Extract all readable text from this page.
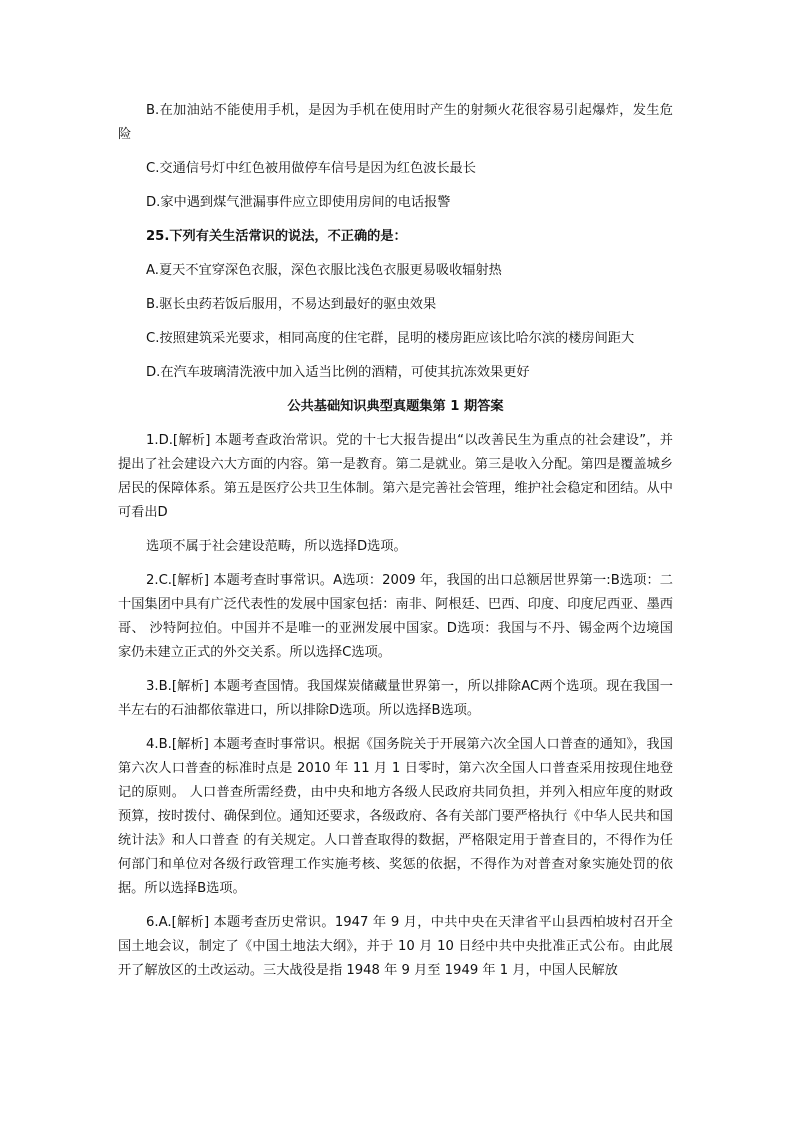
B.在加油站不能使用手机，是因为手机在使用时产生的射频火花很容易引起爆炸，发生危险

C.交通信号灯中红色被用做停车信号是因为红色波长最长

D.家中遇到煤气泄漏事件应立即使用房间的电话报警

25.下列有关生活常识的说法，不正确的是：

A.夏天不宜穿深色衣服，深色衣服比浅色衣服更易吸收辐射热

B.驱长虫药若饭后服用，不易达到最好的驱虫效果

C.按照建筑采光要求，相同高度的住宅群，昆明的楼房距应该比哈尔滨的楼房间距大

D.在汽车玻璃清洗液中加入适当比例的酒精，可使其抗冻效果更好

公共基础知识典型真题集第 1 期答案

1.D.[解析] 本题考查政治常识。党的十七大报告提出“以改善民生为重点的社会建设”，并提出了社会建设六大方面的内容。第一是教育。第二是就业。第三是收入分配。第四是覆盖城乡居民的保障体系。第五是医疗公共卫生体制。第六是完善社会管理，维护社会稳定和团结。从中可看出D

选项不属于社会建设范畴，所以选择D选项。

2.C.[解析] 本题考查时事常识。A选项：2009 年，我国的出口总额居世界第一:B选项：二十国集团中具有广泛代表性的发展中国家包括：南非、阿根廷、巴西、印度、印度尼西亚、墨西哥、 沙特阿拉伯。中国并不是唯一的亚洲发展中国家。D选项：我国与不丹、锡金两个边境国家仍未建立正式的外交关系。所以选择C选项。

3.B.[解析] 本题考查国情。我国煤炭储藏量世界第一，所以排除AC两个选项。现在我国一半左右的石油都依靠进口，所以排除D选项。所以选择B选项。

4.B.[解析] 本题考查时事常识。根据《国务院关于开展第六次全国人口普查的通知》，我国第六次人口普查的标准时点是 2010 年 11 月 1 日零时，第六次全国人口普查采用按现住地登记的原则。 人口普查所需经费，由中央和地方各级人民政府共同负担，并列入相应年度的财政预算，按时拨付、确保到位。通知还要求，各级政府、各有关部门要严格执行《中华人民共和国统计法》和人口普查 的有关规定。人口普查取得的数据，严格限定用于普查目的，不得作为任何部门和单位对各级行政管理工作实施考核、奖惩的依据，不得作为对普查对象实施处罚的依据。所以选择B选项。

6.A.[解析] 本题考查历史常识。1947 年 9 月，中共中央在天津省平山县西柏坡村召开全国土地会议，制定了《中国土地法大纲》，并于 10 月 10 日经中共中央批准正式公布。由此展开了解放区的土改运动。三大战役是指 1948 年 9 月至 1949 年 1 月，中国人民解放
